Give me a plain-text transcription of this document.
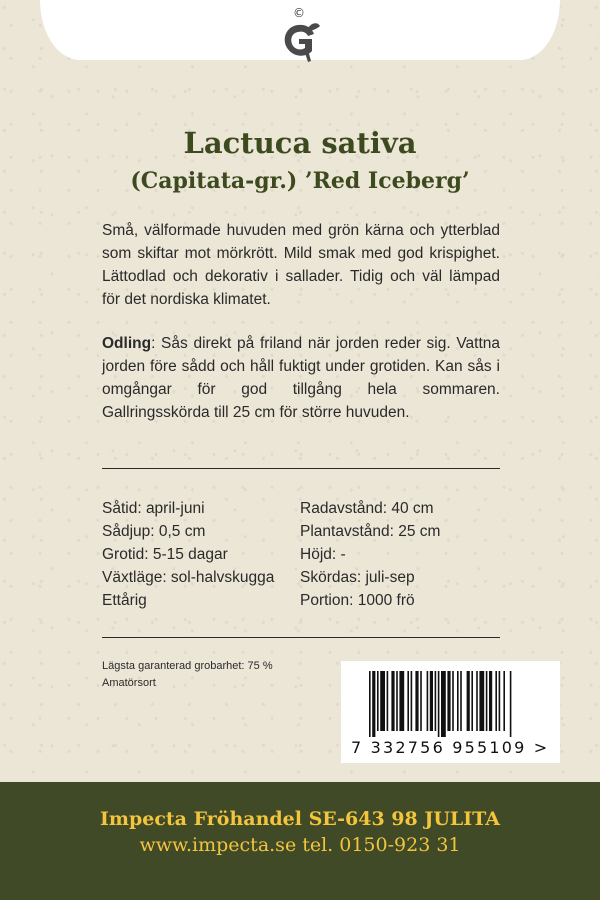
©
Lactuca sativa
(Capitata-gr.) ’Red Iceberg’

Små, välformade huvuden med grön kärna och ytterblad som skiftar mot mörkrött. Mild smak med god krispighet. Lättodlad och dekorativ i sallader. Tidig och väl lämpad för det nordiska klimatet.

Odling: Sås direkt på friland när jorden reder sig. Vattna jorden före sådd och håll fuktigt under grotiden. Kan sås i omgångar för god tillgång hela sommaren. Gallringsskörda till 25 cm för större huvuden.

Såtid: april-juni
Sådjup: 0,5 cm
Grotid: 5-15 dagar
Växtläge: sol-halvskugga
Ettårig
Radavstånd: 40 cm
Plantavstånd: 25 cm
Höjd: -
Skördas: juli-sep
Portion: 1000 frö
Lägsta garanterad grobarhet: 75 %
Amatörsort
7 332756 955109 >
Impecta Fröhandel SE-643 98 JULITA
www.impecta.se tel. 0150-923 31
